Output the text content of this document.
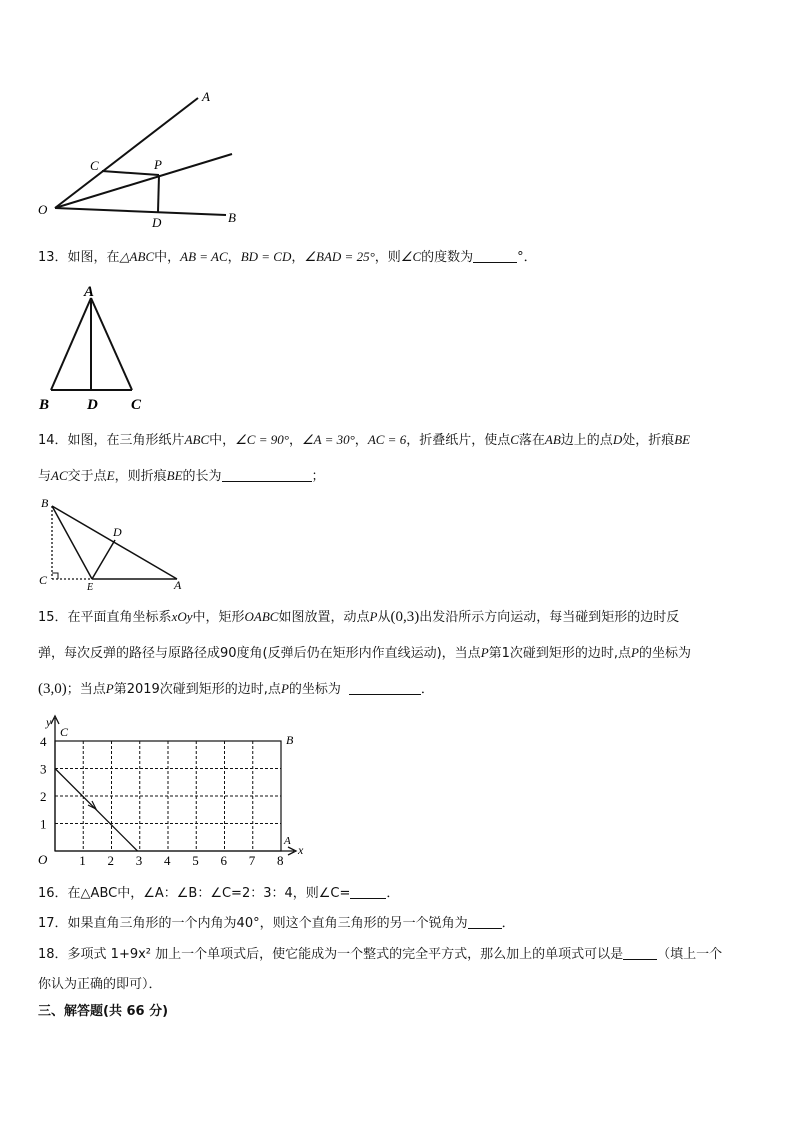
A
C	P
O
D	B
13．如图，在△ABC中，AB = AC，BD = CD，∠BAD = 25°，则∠C的度数为	°．
A
B	D C
14．如图，在三角形纸片ABC中，∠C = 90°，∠A = 30°，AC = 6，折叠纸片，使点C落在AB边上的点D处，折痕BE
与AC交于点E，则折痕BE的长为	；
B
D
C
E	A
15．在平面直角坐标系xOy中，矩形OABC如图放置，动点P从(0,3)出发沿所示方向运动，每当碰到矩形的边时反
弹，每次反弹的路径与原路径成90度角(反弹后仍在矩形内作直线运动)，当点P第1次碰到矩形的边时,点P的坐标为
(3,0)；当点P第2019次碰到矩形的边时,点P的坐标为	．
1 2 3 4 5 6 7 8
1
2
3
4
y
x
O
C
B
A
16．在△ABC中，∠A：∠B：∠C=2：3：4，则∠C=	．
17．如果直角三角形的一个内角为40°，则这个直角三角形的另一个锐角为	．
18．多项式 1+9x² 加上一个单项式后，使它能成为一个整式的完全平方式，那么加上的单项式可以是	（填上一个
你认为正确的即可）．
三、解答题(共 66 分)
